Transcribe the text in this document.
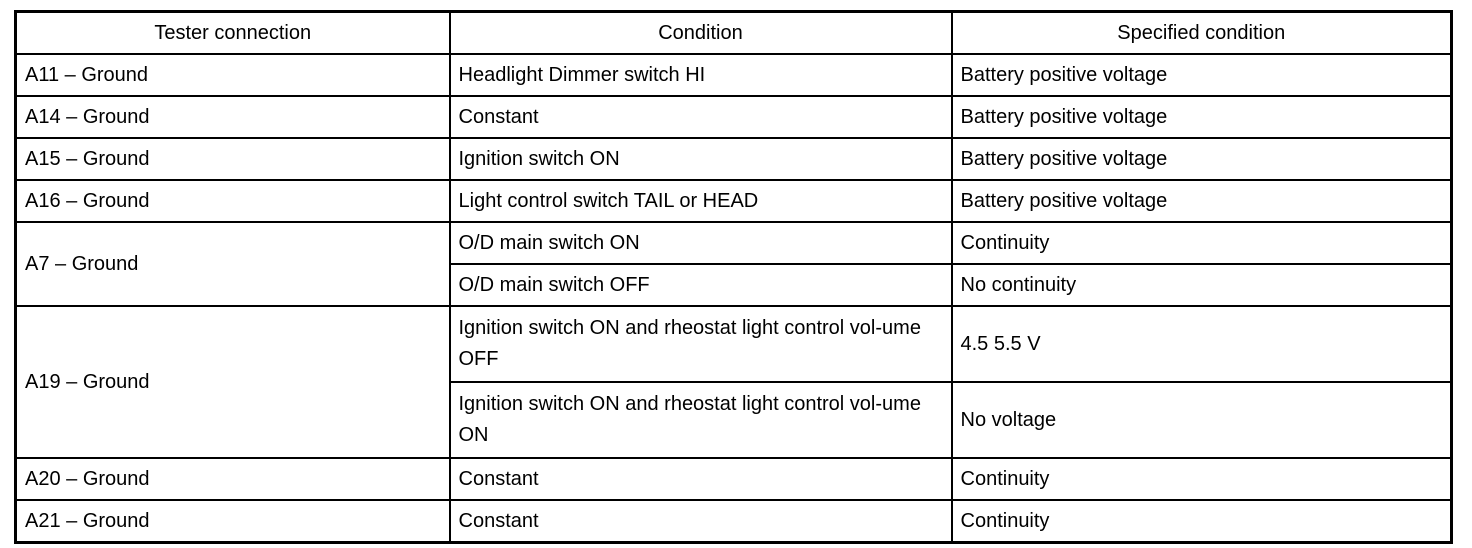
Tester connection	Condition	Specified condition
A11 – Ground	Headlight Dimmer switch HI	Battery positive voltage
A14 – Ground	Constant	Battery positive voltage
A15 – Ground	Ignition switch ON	Battery positive voltage
A16 – Ground	Light control switch TAIL or HEAD	Battery positive voltage
A7 – Ground	O/D main switch ON	Continuity
	O/D main switch OFF	No continuity
A19 – Ground	Ignition switch ON and rheostat light control vol-ume OFF	4.5 5.5 V
	Ignition switch ON and rheostat light control vol-ume ON	No voltage
A20 – Ground	Constant	Continuity
A21 – Ground	Constant	Continuity
